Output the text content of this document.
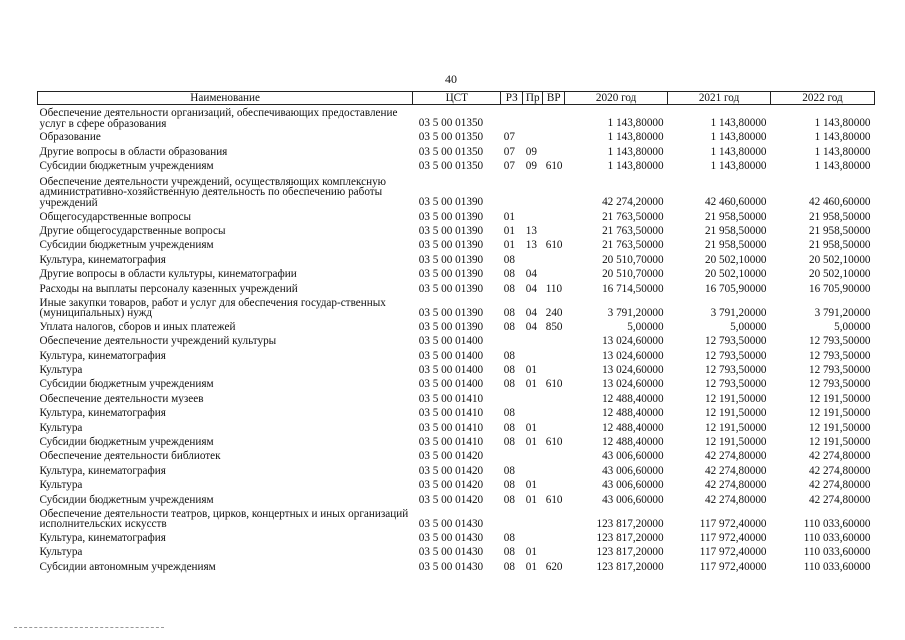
40
Наименование	ЦСТ	РЗ	Пр	ВР	2020 год	2021 год	2022 год
Обеспечение деятельности организаций, обеспечивающих предоставление услуг в сфере образования	03 5 00 01350				1 143,80000	1 143,80000	1 143,80000
Образование	03 5 00 01350	07			1 143,80000	1 143,80000	1 143,80000
Другие вопросы в области образования	03 5 00 01350	07	09		1 143,80000	1 143,80000	1 143,80000
Субсидии бюджетным учреждениям	03 5 00 01350	07	09	610	1 143,80000	1 143,80000	1 143,80000
Обеспечение деятельности учреждений, осуществляющих комплексную административно-хозяйственную деятельность по обеспечению работы учреждений	03 5 00 01390				42 274,20000	42 460,60000	42 460,60000
Общегосударственные вопросы	03 5 00 01390	01			21 763,50000	21 958,50000	21 958,50000
Другие общегосударственные вопросы	03 5 00 01390	01	13		21 763,50000	21 958,50000	21 958,50000
Субсидии бюджетным учреждениям	03 5 00 01390	01	13	610	21 763,50000	21 958,50000	21 958,50000
Культура, кинематография	03 5 00 01390	08			20 510,70000	20 502,10000	20 502,10000
Другие вопросы в области культуры, кинематографии	03 5 00 01390	08	04		20 510,70000	20 502,10000	20 502,10000
Расходы на выплаты персоналу казенных учреждений	03 5 00 01390	08	04	110	16 714,50000	16 705,90000	16 705,90000
Иные закупки товаров, работ и услуг для обеспечения государ-ственных (муниципальных) нужд	03 5 00 01390	08	04	240	3 791,20000	3 791,20000	3 791,20000
Уплата налогов, сборов и иных платежей	03 5 00 01390	08	04	850	5,00000	5,00000	5,00000
Обеспечение деятельности учреждений культуры	03 5 00 01400				13 024,60000	12 793,50000	12 793,50000
Культура, кинематография	03 5 00 01400	08			13 024,60000	12 793,50000	12 793,50000
Культура	03 5 00 01400	08	01		13 024,60000	12 793,50000	12 793,50000
Субсидии бюджетным учреждениям	03 5 00 01400	08	01	610	13 024,60000	12 793,50000	12 793,50000
Обеспечение деятельности музеев	03 5 00 01410				12 488,40000	12 191,50000	12 191,50000
Культура, кинематография	03 5 00 01410	08			12 488,40000	12 191,50000	12 191,50000
Культура	03 5 00 01410	08	01		12 488,40000	12 191,50000	12 191,50000
Субсидии бюджетным учреждениям	03 5 00 01410	08	01	610	12 488,40000	12 191,50000	12 191,50000
Обеспечение деятельности библиотек	03 5 00 01420				43 006,60000	42 274,80000	42 274,80000
Культура, кинематография	03 5 00 01420	08			43 006,60000	42 274,80000	42 274,80000
Культура	03 5 00 01420	08	01		43 006,60000	42 274,80000	42 274,80000
Субсидии бюджетным учреждениям	03 5 00 01420	08	01	610	43 006,60000	42 274,80000	42 274,80000
Обеспечение деятельности театров, цирков, концертных и иных организаций исполнительских искусств	03 5 00 01430				123 817,20000	117 972,40000	110 033,60000
Культура, кинематография	03 5 00 01430	08			123 817,20000	117 972,40000	110 033,60000
Культура	03 5 00 01430	08	01		123 817,20000	117 972,40000	110 033,60000
Субсидии автономным учреждениям	03 5 00 01430	08	01	620	123 817,20000	117 972,40000	110 033,60000
